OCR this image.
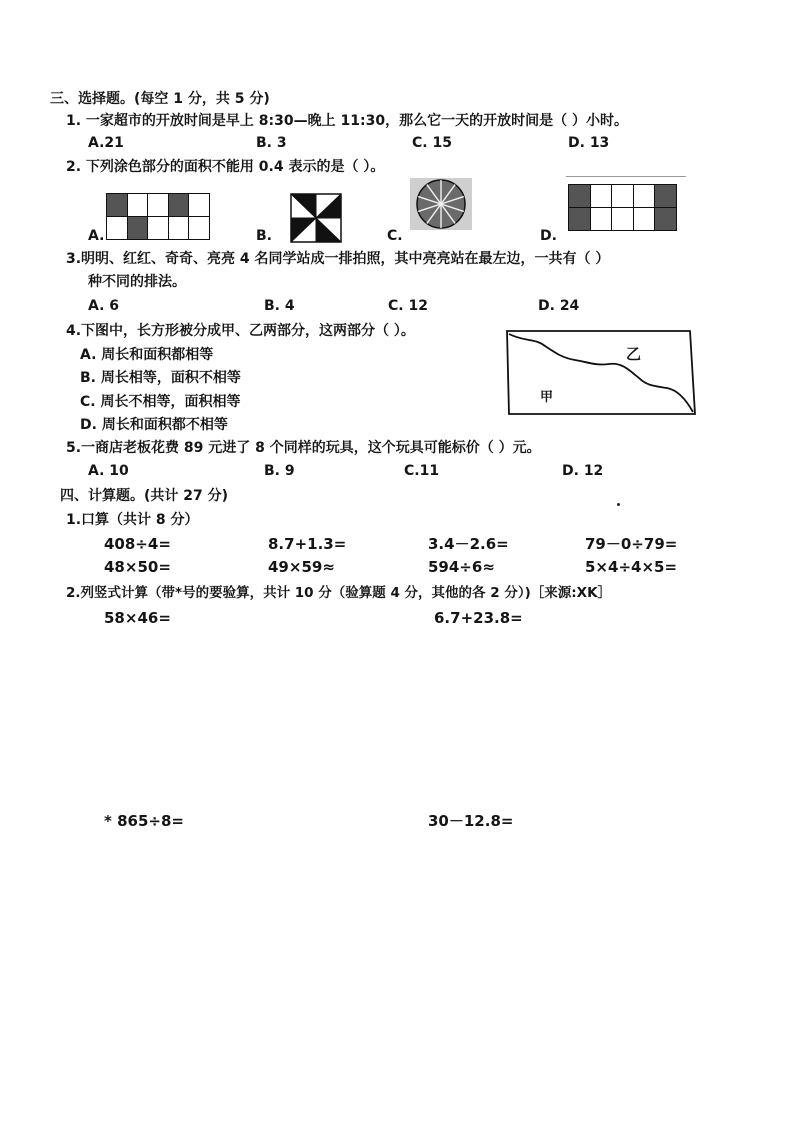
三、选择题。(每空 1 分，共 5 分)
1. 一家超市的开放时间是早上 8:30—晚上 11:30，那么它一天的开放时间是（ ）小时。
A.21	B. 3	C. 15	D. 13
2. 下列涂色部分的面积不能用 0.4 表示的是（ ）。
A.	B.	C.	D.
3.明明、红红、奇奇、亮亮 4 名同学站成一排拍照，其中亮亮站在最左边，一共有（ ）
种不同的排法。
A. 6	B. 4	C. 12	D. 24
4.下图中，长方形被分成甲、乙两部分，这两部分（ ）。
A. 周长和面积都相等
B. 周长相等，面积不相等
C. 周长不相等，面积相等
D. 周长和面积都不相等
乙
甲
5.一商店老板花费 89 元进了 8 个同样的玩具，这个玩具可能标价（ ）元。
A. 10	B. 9	C.11	D. 12
四、计算题。(共计 27 分)
1.口算（共计 8 分）
408÷4=	8.7+1.3=	3.4－2.6=	79－0÷79=
48×50=	49×59≈	594÷6≈	5×4÷4×5=
2.列竖式计算（带*号的要验算，共计 10 分（验算题 4 分，其他的各 2 分）)［来源:XK］
58×46=	6.7+23.8=
* 865÷8=	30－12.8=
